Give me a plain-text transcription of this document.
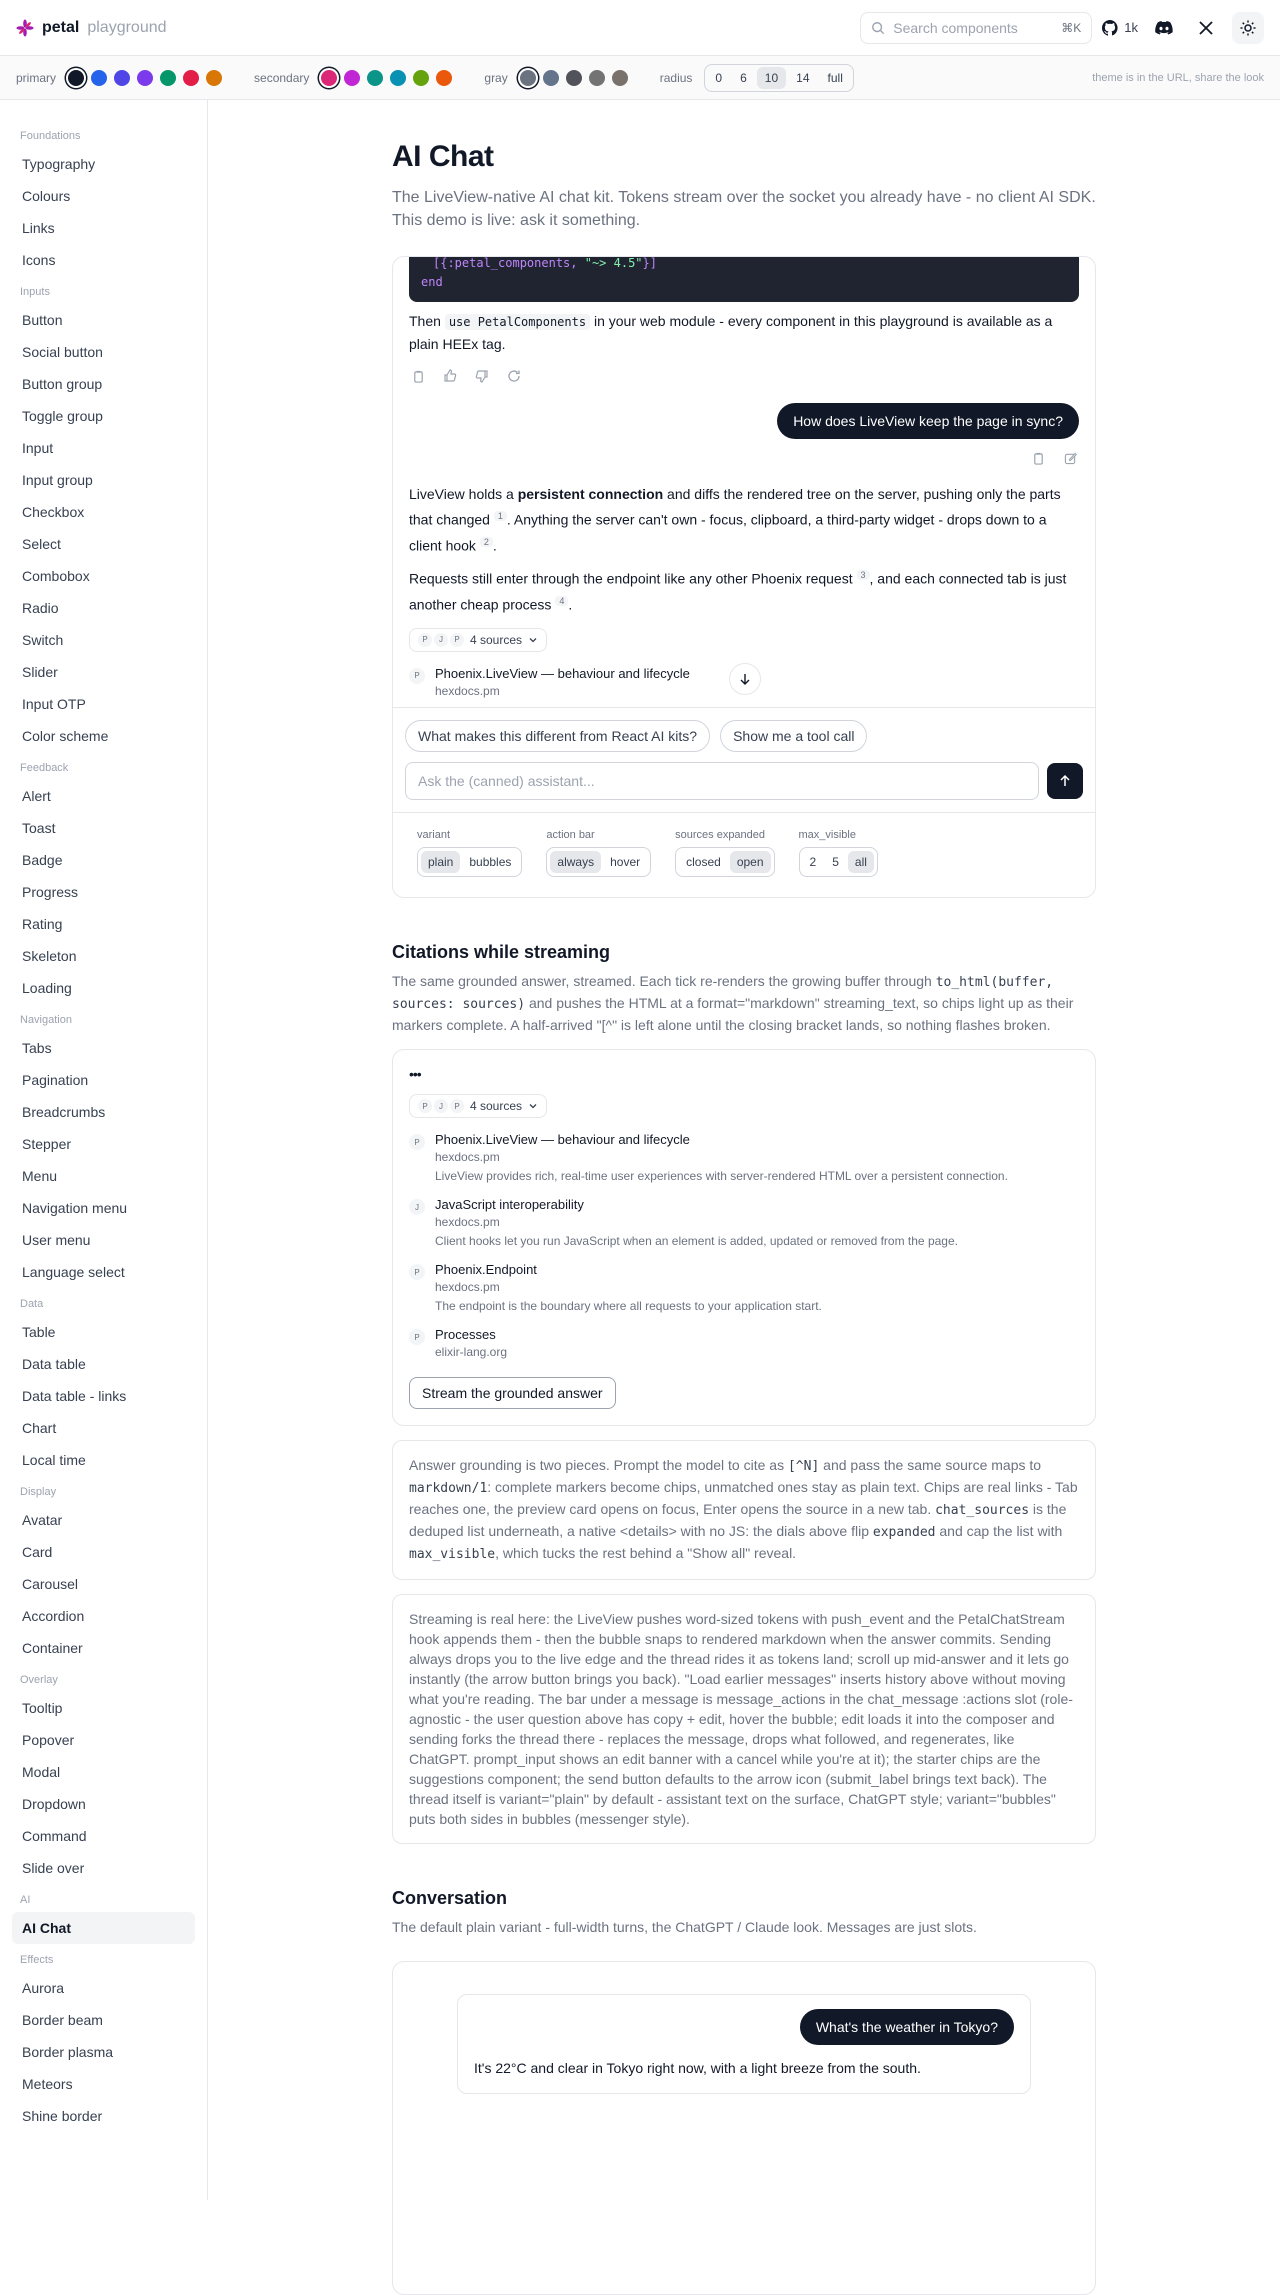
petal playground	Search components	⌘K	1k
primary	secondary	gray	radius	0	6	10	14	full	theme is in the URL, share the look
Foundations
Typography
Colours
Links
Icons
Inputs
Button
Social button
Button group
Toggle group
Input
Input group
Checkbox
Select
Combobox
Radio
Switch
Slider
Input OTP
Color scheme
Feedback
Alert
Toast
Badge
Progress
Rating
Skeleton
Loading
Navigation
Tabs
Pagination
Breadcrumbs
Stepper
Menu
Navigation menu
User menu
Language select
Data
Table
Data table
Data table - links
Chart
Local time
Display
Avatar
Card
Carousel
Accordion
Container
Overlay
Tooltip
Popover
Modal
Dropdown
Command
Slide over
AI
AI Chat
Effects
Aurora
Border beam
Border plasma
Meteors
Shine border
AI Chat

The LiveView-native AI chat kit. Tokens stream over the socket you already have - no client AI SDK. This demo is live: ask it something.

[{:petal_components, "~> 4.5"}]
end

Then use PetalComponents in your web module - every component in this playground is available as a plain HEEx tag.

How does LiveView keep the page in sync?

LiveView holds a persistent connection and diffs the rendered tree on the server, pushing only the parts that changed $^1$ . Anything the server can't own - focus, clipboard, a third-party widget - drops down to a client hook $^2$ .

Requests still enter through the endpoint like any other Phoenix request $^3$ , and each connected tab is just another cheap process $^4$ .

P	J	P 4 sources
P	Phoenix.LiveView — behaviour and lifecycle
hexdocs.pm
What makes this different from React AI kits?	Show me a tool call
Ask the (canned) assistant...
variant
plain	bubbles
action bar
always	hover
sources expanded
closed	open
max_visible
2	5	all
Citations while streaming

The same grounded answer, streamed. Each tick re-renders the growing buffer through to_html(buffer, sources: sources) and pushes the HTML at a format="markdown" streaming_text, so chips light up as their markers complete. A half-arrived "[^" is left alone until the closing bracket lands, so nothing flashes broken.

•••
P	J	P 4 sources
P	Phoenix.LiveView — behaviour and lifecycle
hexdocs.pm
LiveView provides rich, real-time user experiences with server-rendered HTML over a persistent connection.
J	JavaScript interoperability
hexdocs.pm
Client hooks let you run JavaScript when an element is added, updated or removed from the page.
P	Phoenix.Endpoint
hexdocs.pm
The endpoint is the boundary where all requests to your application start.
P	Processes
elixir-lang.org
Stream the grounded answer
Answer grounding is two pieces. Prompt the model to cite as [^N] and pass the same source maps to markdown/1: complete markers become chips, unmatched ones stay as plain text. Chips are real links - Tab reaches one, the preview card opens on focus, Enter opens the source in a new tab. chat_sources is the deduped list underneath, a native <details> with no JS: the dials above flip expanded and cap the list with max_visible, which tucks the rest behind a "Show all" reveal.
Streaming is real here: the LiveView pushes word-sized tokens with push_event and the PetalChatStream hook appends them - then the bubble snaps to rendered markdown when the answer commits. Sending always drops you to the live edge and the thread rides it as tokens land; scroll up mid-answer and it lets go instantly (the arrow button brings you back). "Load earlier messages" inserts history above without moving what you're reading. The bar under a message is message_actions in the chat_message :actions slot (role-agnostic - the user question above has copy + edit, hover the bubble; edit loads it into the composer and sending forks the thread there - replaces the message, drops what followed, and regenerates, like ChatGPT. prompt_input shows an edit banner with a cancel while you're at it); the starter chips are the suggestions component; the send button defaults to the arrow icon (submit_label brings text back). The thread itself is variant="plain" by default - assistant text on the surface, ChatGPT style; variant="bubbles" puts both sides in bubbles (messenger style).
Conversation

The default plain variant - full-width turns, the ChatGPT / Claude look. Messages are just slots.

What's the weather in Tokyo?

It's 22°C and clear in Tokyo right now, with a light breeze from the south.
